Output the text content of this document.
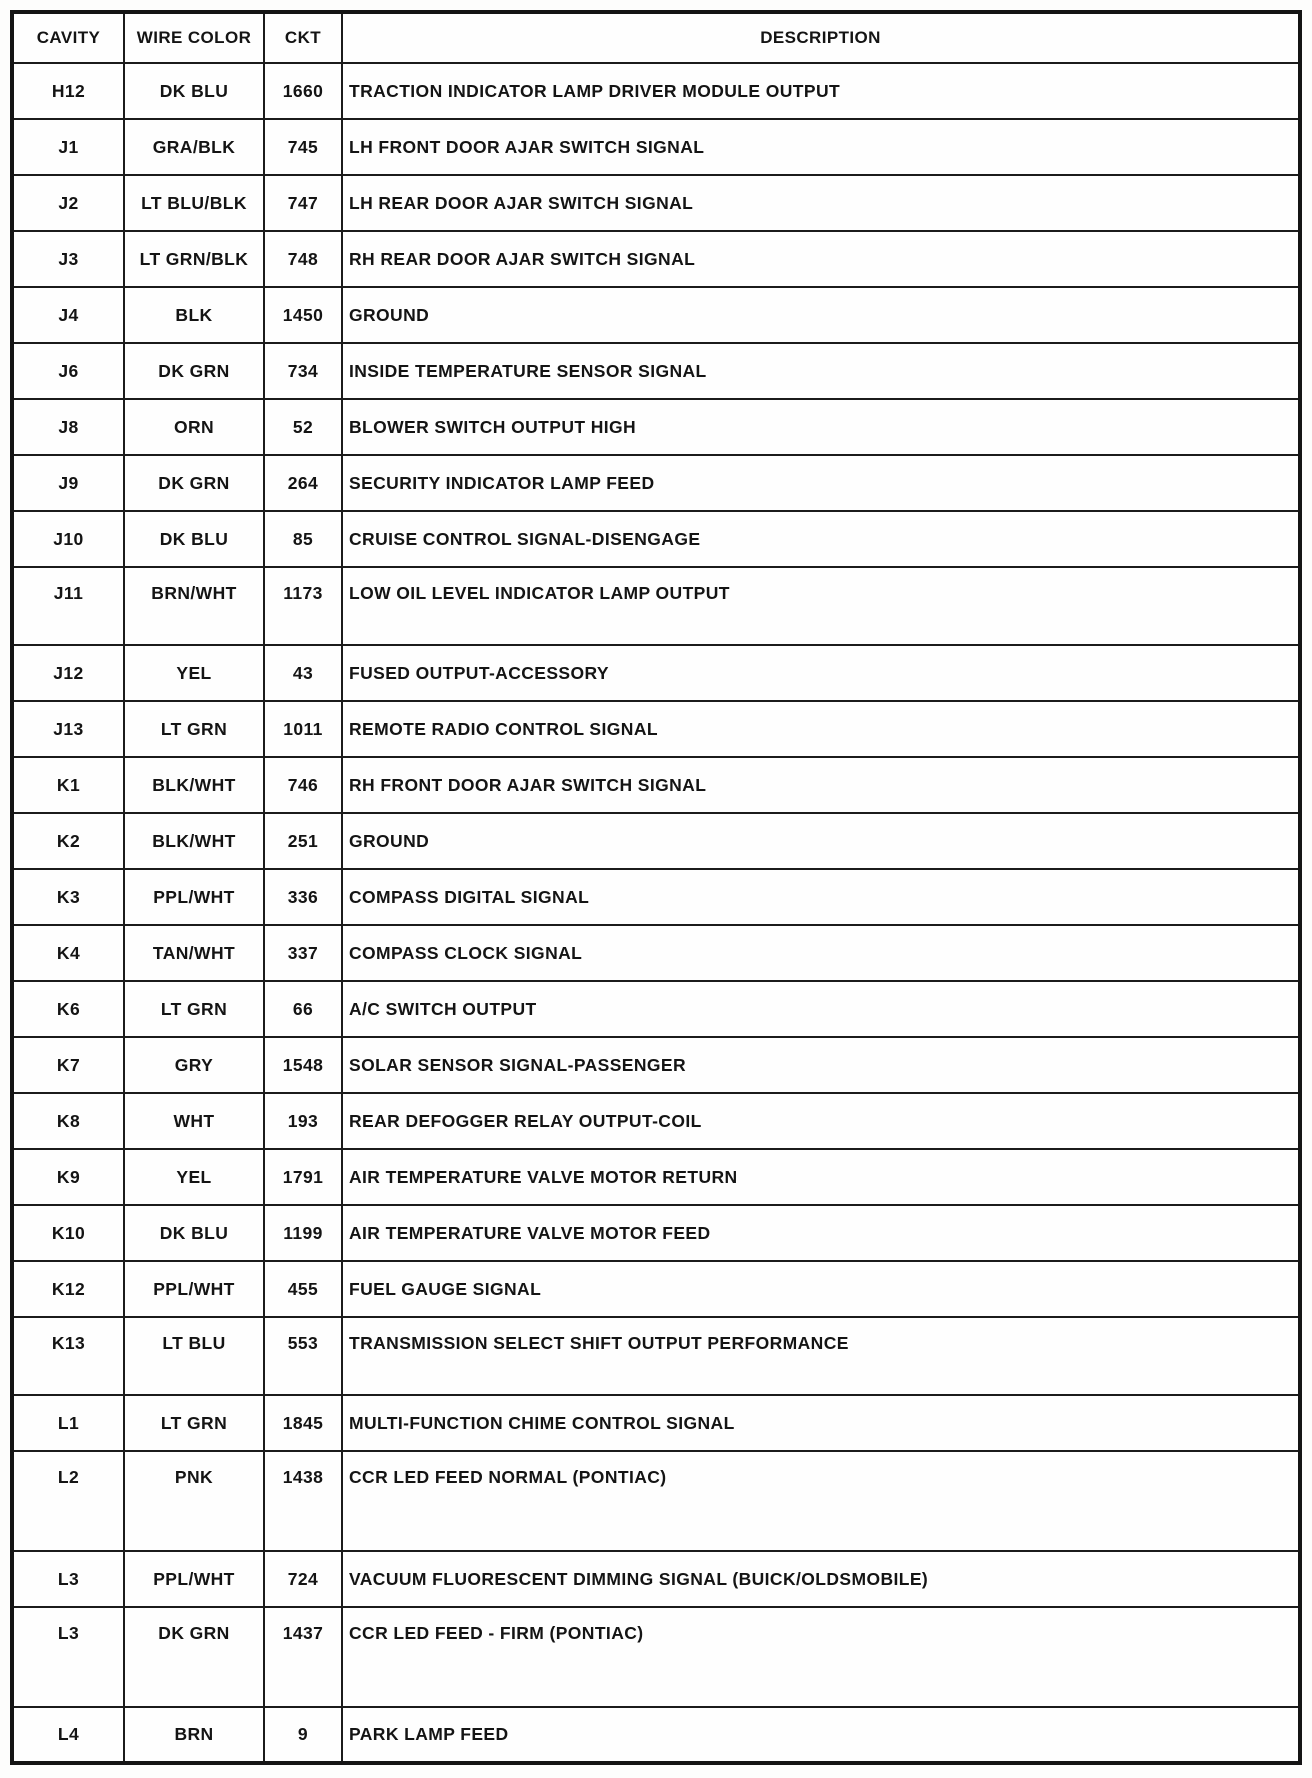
CAVITY	WIRE COLOR	CKT	DESCRIPTION
H12	DK BLU	1660	TRACTION INDICATOR LAMP DRIVER MODULE OUTPUT
J1	GRA/BLK	745	LH FRONT DOOR AJAR SWITCH SIGNAL
J2	LT BLU/BLK	747	LH REAR DOOR AJAR SWITCH SIGNAL
J3	LT GRN/BLK	748	RH REAR DOOR AJAR SWITCH SIGNAL
J4	BLK	1450	GROUND
J6	DK GRN	734	INSIDE TEMPERATURE SENSOR SIGNAL
J8	ORN	52	BLOWER SWITCH OUTPUT HIGH
J9	DK GRN	264	SECURITY INDICATOR LAMP FEED
J10	DK BLU	85	CRUISE CONTROL SIGNAL-DISENGAGE
J11	BRN/WHT	1173	LOW OIL LEVEL INDICATOR LAMP OUTPUT
J12	YEL	43	FUSED OUTPUT-ACCESSORY
J13	LT GRN	1011	REMOTE RADIO CONTROL SIGNAL
K1	BLK/WHT	746	RH FRONT DOOR AJAR SWITCH SIGNAL
K2	BLK/WHT	251	GROUND
K3	PPL/WHT	336	COMPASS DIGITAL SIGNAL
K4	TAN/WHT	337	COMPASS CLOCK SIGNAL
K6	LT GRN	66	A/C SWITCH OUTPUT
K7	GRY	1548	SOLAR SENSOR SIGNAL-PASSENGER
K8	WHT	193	REAR DEFOGGER RELAY OUTPUT-COIL
K9	YEL	1791	AIR TEMPERATURE VALVE MOTOR RETURN
K10	DK BLU	1199	AIR TEMPERATURE VALVE MOTOR FEED
K12	PPL/WHT	455	FUEL GAUGE SIGNAL
K13	LT BLU	553	TRANSMISSION SELECT SHIFT OUTPUT PERFORMANCE
L1	LT GRN	1845	MULTI-FUNCTION CHIME CONTROL SIGNAL
L2	PNK	1438	CCR LED FEED NORMAL (PONTIAC)
L3	PPL/WHT	724	VACUUM FLUORESCENT DIMMING SIGNAL (BUICK/OLDSMOBILE)
L3	DK GRN	1437	CCR LED FEED - FIRM (PONTIAC)
L4	BRN	9	PARK LAMP FEED
